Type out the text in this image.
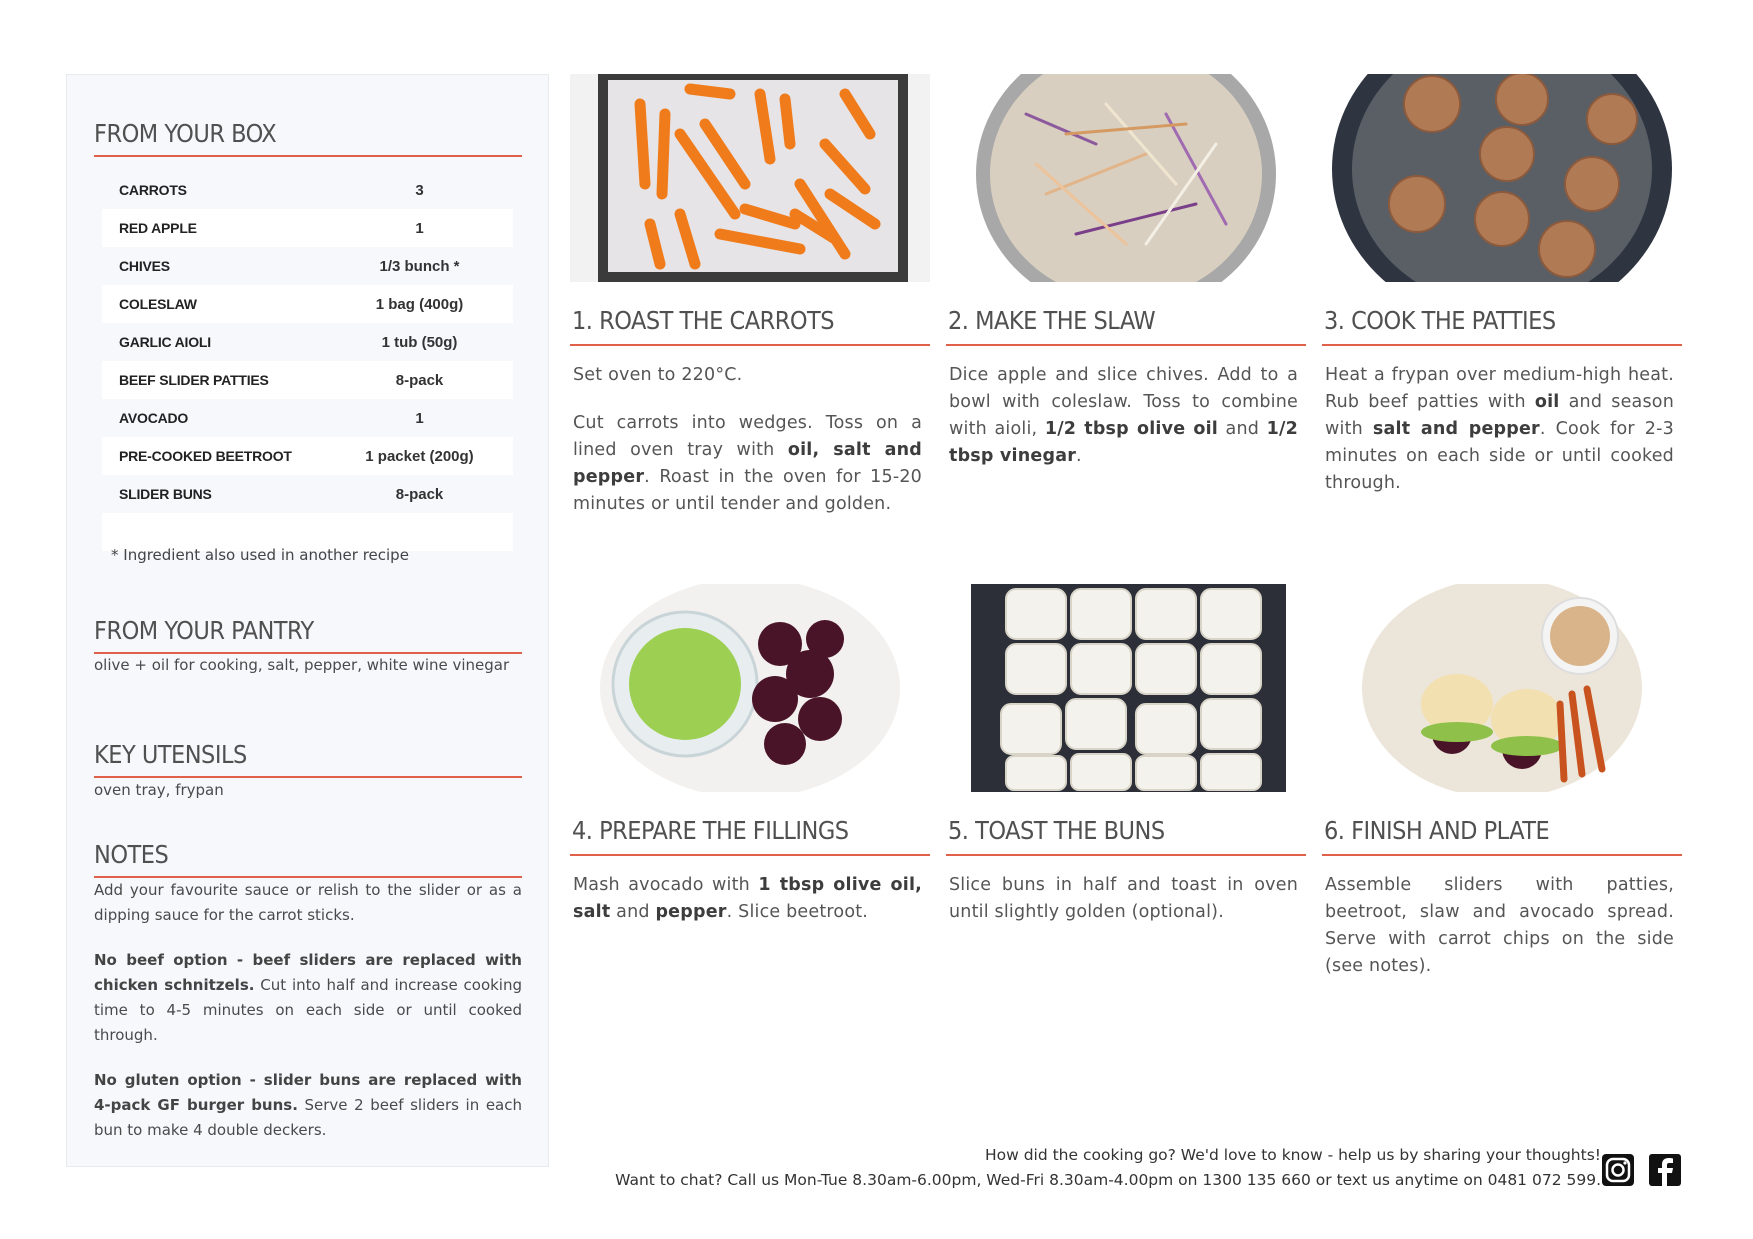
FROM YOUR BOX
CARROTS	3
RED APPLE	1
CHIVES	1/3 bunch *
COLESLAW	1 bag (400g)
GARLIC AIOLI	1 tub (50g)
BEEF SLIDER PATTIES	8-pack
AVOCADO	1
PRE-COOKED BEETROOT	1 packet (200g)
SLIDER BUNS	8-pack
* Ingredient also used in another recipe
FROM YOUR PANTRY
olive + oil for cooking, salt, pepper, white wine vinegar
KEY UTENSILS
oven tray, frypan
NOTES

Add your favourite sauce or relish to the slider or as a dipping sauce for the carrot sticks.

No beef option - beef sliders are replaced with chicken schnitzels. Cut into half and increase cooking time to 4-5 minutes on each side or until cooked through.

No gluten option - slider buns are replaced with 4-pack GF burger buns. Serve 2 beef sliders in each bun to make 4 double deckers.

1. ROAST THE CARROTS

Set oven to 220°C.

Cut carrots into wedges. Toss on a lined oven tray with oil, salt and pepper. Roast in the oven for 15-20 minutes or until tender and golden.

2. MAKE THE SLAW

Dice apple and slice chives. Add to a bowl with coleslaw. Toss to combine with aioli, 1/2 tbsp olive oil and 1/2 tbsp vinegar.

3. COOK THE PATTIES

Heat a frypan over medium-high heat. Rub beef patties with oil and season with salt and pepper. Cook for 2-3 minutes on each side or until cooked through.

4. PREPARE THE FILLINGS

Mash avocado with 1 tbsp olive oil, salt and pepper. Slice beetroot.

5. TOAST THE BUNS

Slice buns in half and toast in oven until slightly golden (optional).

6. FINISH AND PLATE

Assemble sliders with patties, beetroot, slaw and avocado spread. Serve with carrot chips on the side (see notes).

How did the cooking go? We'd love to know - help us by sharing your thoughts!
Want to chat? Call us Mon-Tue 8.30am-6.00pm, Wed-Fri 8.30am-4.00pm on 1300 135 660 or text us anytime on 0481 072 599.
